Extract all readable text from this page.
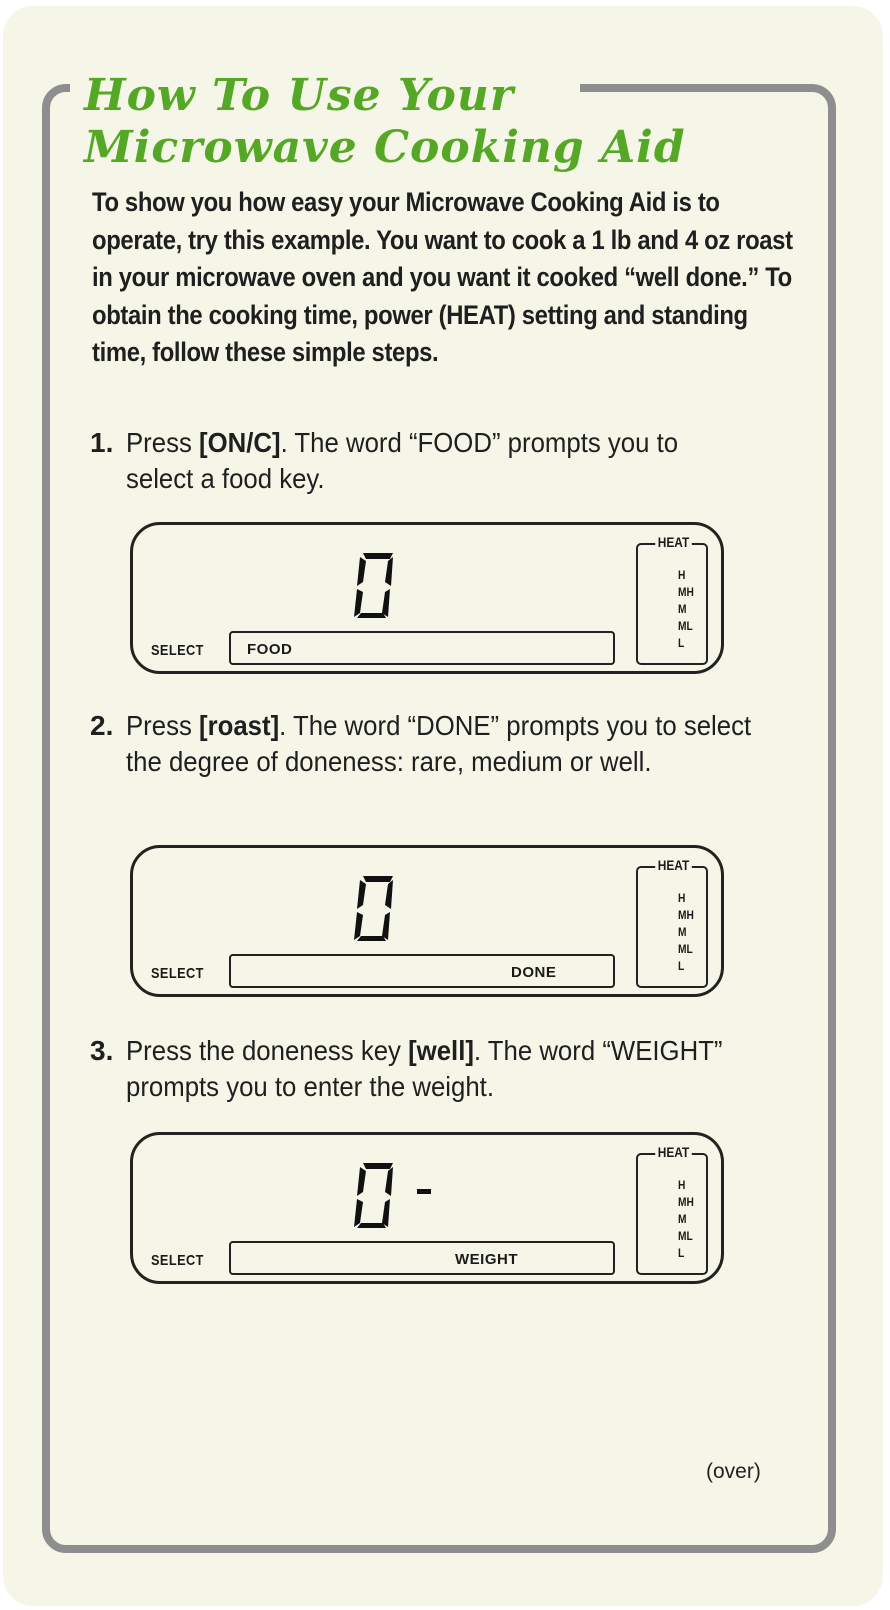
How To Use Your
Microwave Cooking Aid

To show you how easy your Microwave Cooking Aid is to operate, try this example. You want to cook a 1 lb and 4 oz roast in your microwave oven and you want it cooked “well done.” To obtain the cooking time, power (HEAT) setting and standing time, follow these simple steps.

1. Press [ON/C]. The word “FOOD” prompts you to select a food key.
SELECT	FOOD
HEAT
H
MH
M
ML
L
2. Press [roast]. The word “DONE” prompts you to select the degree of doneness: rare, medium or well.
SELECT	DONE
HEAT
H
MH
M
ML
L
3. Press the doneness key [well]. The word “WEIGHT” prompts you to enter the weight.
SELECT	WEIGHT
HEAT
H
MH
M
ML
L
(over)
